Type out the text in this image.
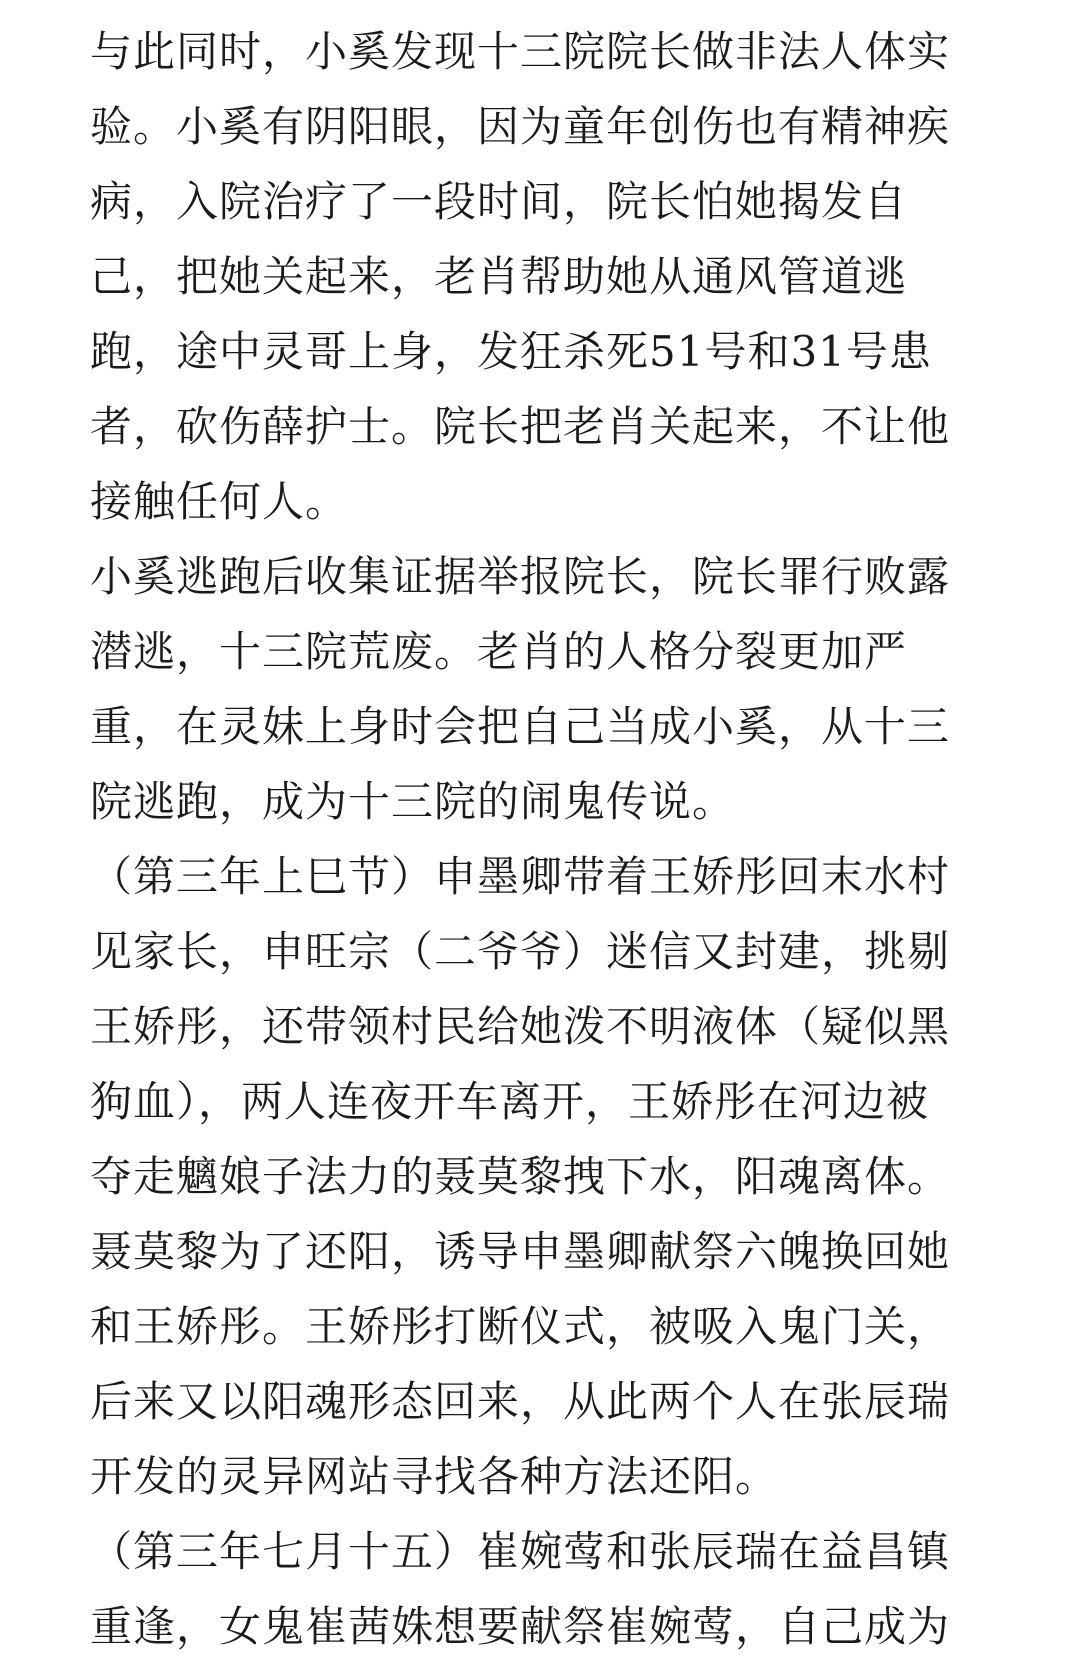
与此同时，小奚发现十三院院长做非法人体实
验。小奚有阴阳眼，因为童年创伤也有精神疾
病，入院治疗了一段时间，院长怕她揭发自
己，把她关起来，老肖帮助她从通风管道逃
跑，途中灵哥上身，发狂杀死51号和31号患
者，砍伤薛护士。院长把老肖关起来，不让他
接触任何人。
小奚逃跑后收集证据举报院长，院长罪行败露
潜逃，十三院荒废。老肖的人格分裂更加严
重，在灵妹上身时会把自己当成小奚，从十三
院逃跑，成为十三院的闹鬼传说。
（第三年上巳节）申墨卿带着王娇彤回末水村
见家长，申旺宗（二爷爷）迷信又封建，挑剔
王娇彤，还带领村民给她泼不明液体（疑似黑
狗血），两人连夜开车离开，王娇彤在河边被
夺走魑娘子法力的聂莫黎拽下水，阳魂离体。
聂莫黎为了还阳，诱导申墨卿献祭六魄换回她
和王娇彤。王娇彤打断仪式，被吸入鬼门关，
后来又以阳魂形态回来，从此两个人在张辰瑞
开发的灵异网站寻找各种方法还阳。
（第三年七月十五）崔婉莺和张辰瑞在益昌镇
重逢，女鬼崔茜姝想要献祭崔婉莺，自己成为
